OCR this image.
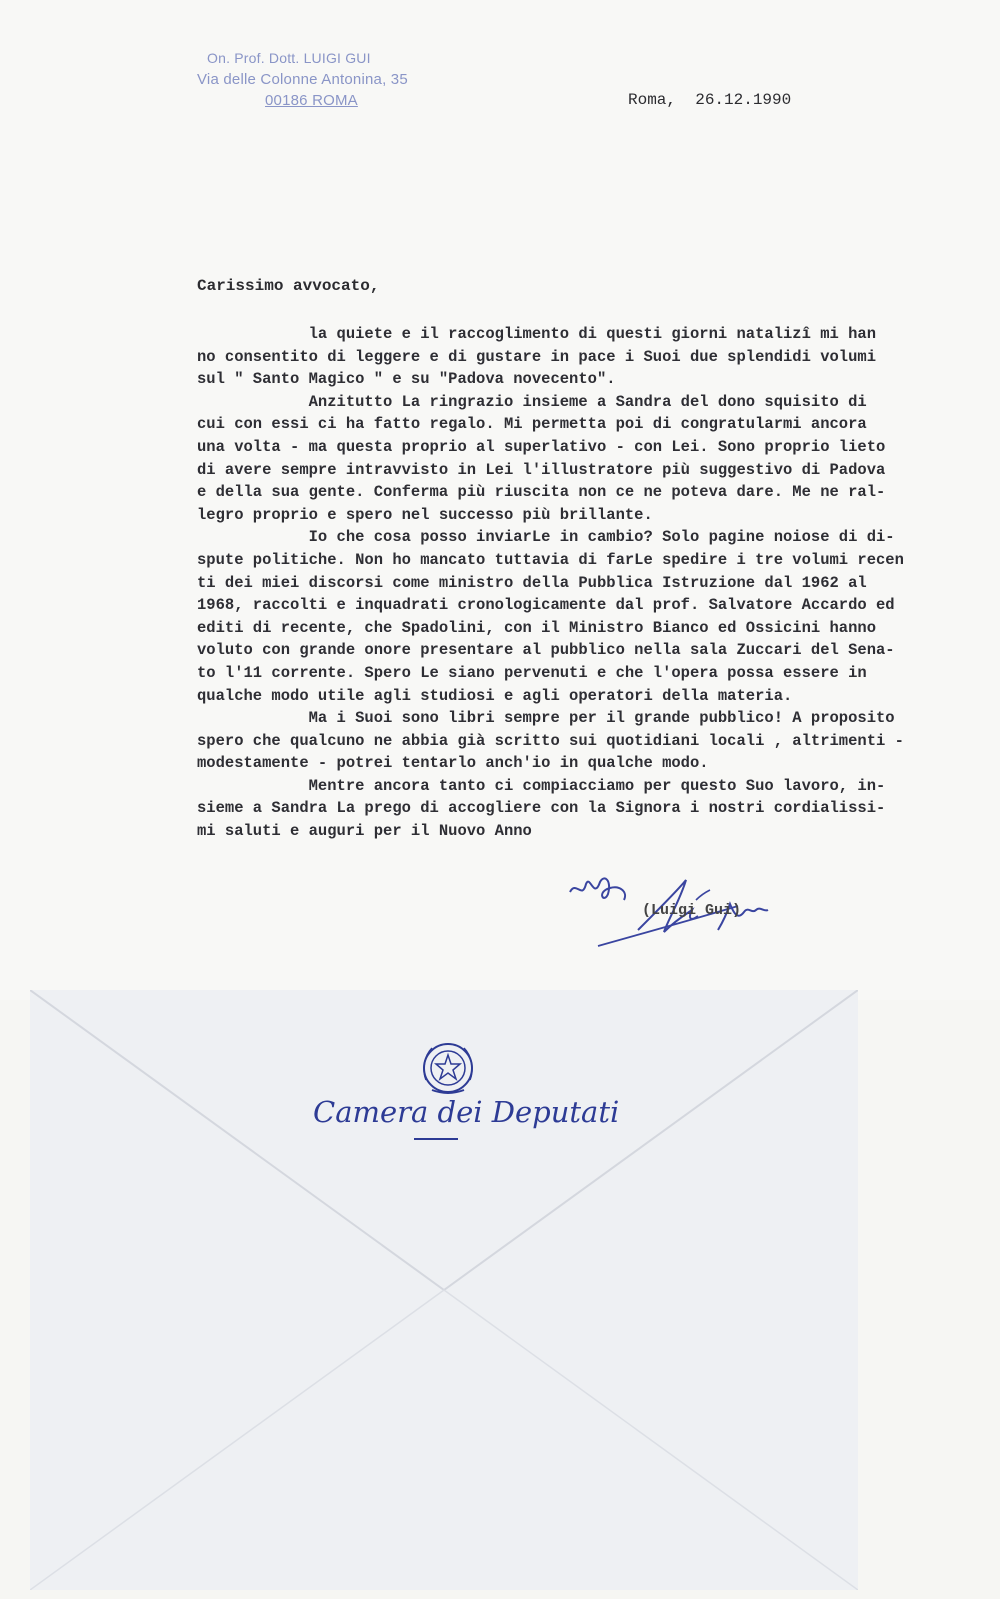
On. Prof. Dott. LUIGI GUI
Via delle Colonne Antonina, 35
00186 ROMA	Roma,  26.12.1990
Carissimo avvocato,
la quiete e il raccoglimento di questi giorni natalizî mi han
no consentito di leggere e di gustare in pace i Suoi due splendidi volumi
sul " Santo Magico " e su "Padova novecento".
Anzitutto La ringrazio insieme a Sandra del dono squisito di
cui con essi ci ha fatto regalo. Mi permetta poi di congratularmi ancora
una volta - ma questa proprio al superlativo - con Lei. Sono proprio lieto
di avere sempre intravvisto in Lei l'illustratore più suggestivo di Padova
e della sua gente. Conferma più riuscita non ce ne poteva dare. Me ne ral-
legro proprio e spero nel successo più brillante.
Io che cosa posso inviarLe in cambio? Solo pagine noiose di di-
spute politiche. Non ho mancato tuttavia di farLe spedire i tre volumi recen
ti dei miei discorsi come ministro della Pubblica Istruzione dal 1962 al
1968, raccolti e inquadrati cronologicamente dal prof. Salvatore Accardo ed
editi di recente, che Spadolini, con il Ministro Bianco ed Ossicini hanno
voluto con grande onore presentare al pubblico nella sala Zuccari del Sena-
to l'11 corrente. Spero Le siano pervenuti e che l'opera possa essere in
qualche modo utile agli studiosi e agli operatori della materia.
Ma i Suoi sono libri sempre per il grande pubblico! A proposito
spero che qualcuno ne abbia già scritto sui quotidiani locali , altrimenti -
modestamente - potrei tentarlo anch'io in qualche modo.
Mentre ancora tanto ci compiacciamo per questo Suo lavoro, in-
sieme a Sandra La prego di accogliere con la Signora i nostri cordialissi-
mi saluti e auguri per il Nuovo Anno
(Luigi Gui)
Camera dei Deputati
